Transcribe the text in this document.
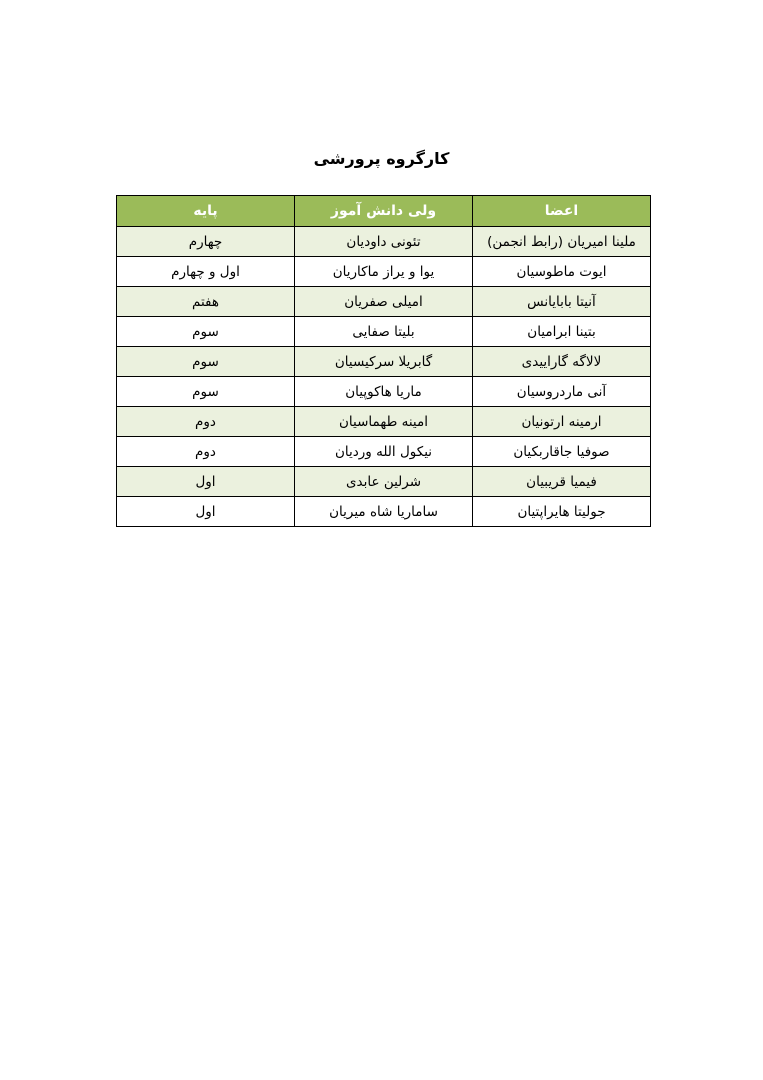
کارگروه پرورشی
اعضا	ولی دانش آموز	پایه
ملینا امیریان (رابط انجمن)	تئونی داودیان	چهارم
ایوت ماطوسیان	یوا و یراز ماکاریان	اول و چهارم
آنیتا بابایانس	امیلی صفریان	هفتم
بتینا ابرامیان	بلیتا صفایی	سوم
لالاگه گاراییدی	گابریلا سرکیسیان	سوم
آنی ماردروسیان	ماریا هاکوپیان	سوم
ارمینه ارتونیان	امینه طهماسیان	دوم
صوفیا جاقاربکیان	نیکول الله وردیان	دوم
فیمیا قریبیان	شرلین عابدی	اول
جولیتا هایراپتیان	ساماریا شاه میریان	اول
